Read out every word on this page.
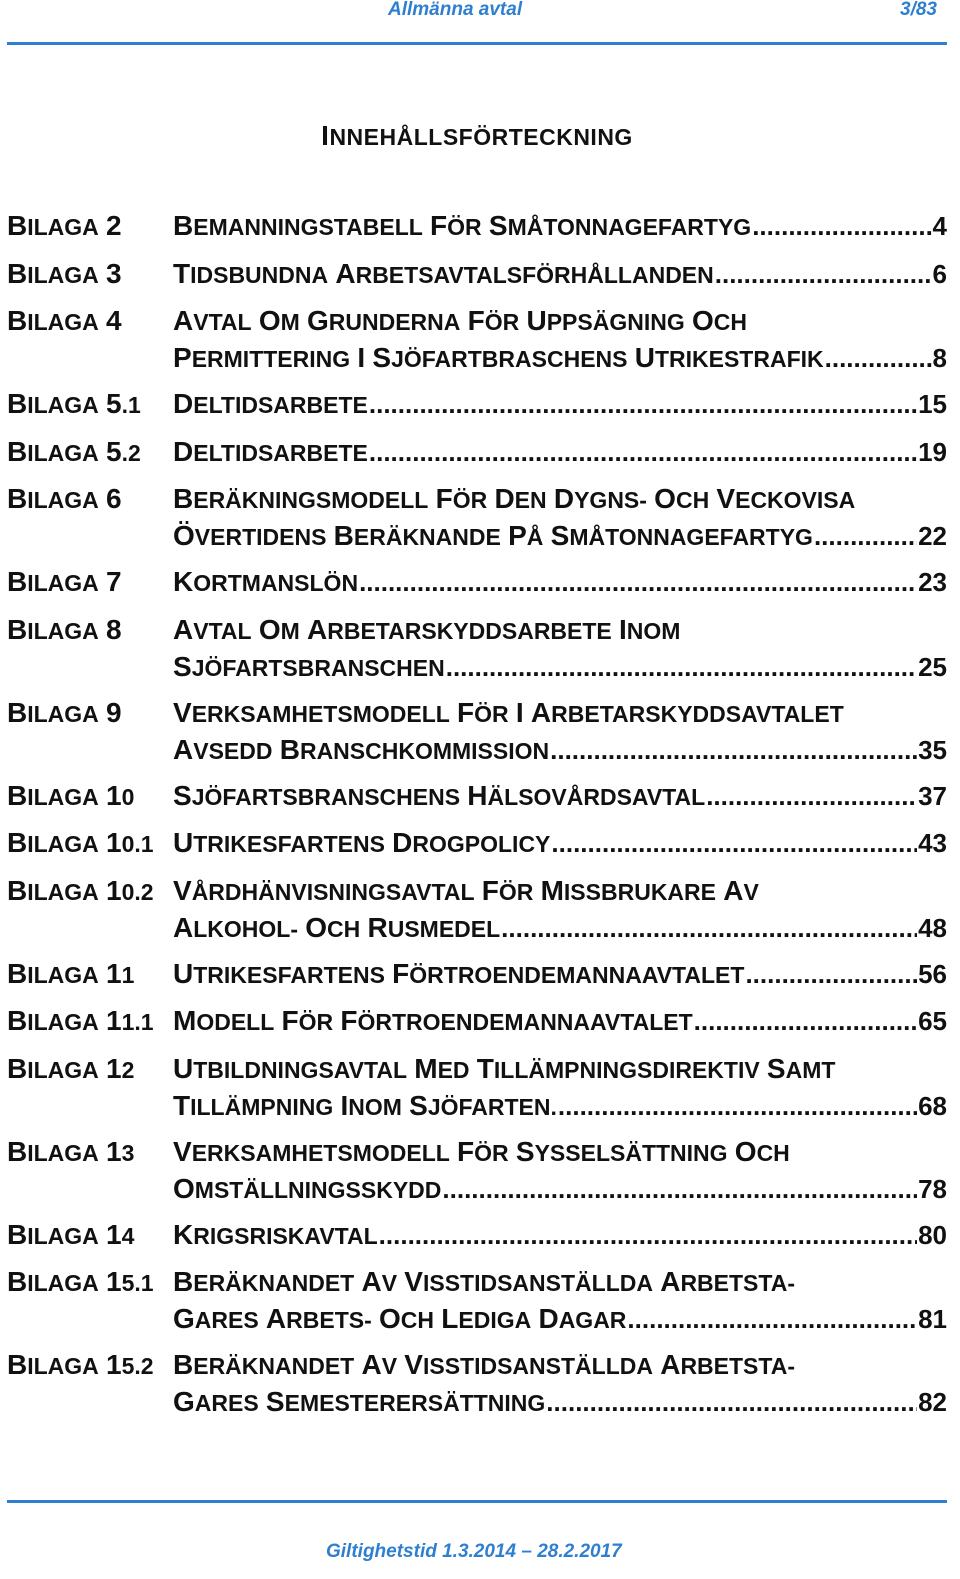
Allmänna avtal	3/83
INNEHÅLLSFÖRTECKNING
BILAGA 2 BEMANNINGSTABELL FÖR SMÅTONNAGEFARTYG .....	4
BILAGA 3 TIDSBUNDNA ARBETSAVTALSFÖRHÅLLANDEN .....	6
BILAGA 4 AVTAL OM GRUNDERNA FÖR UPPSÄGNING OCH
PERMITTERING I SJÖFARTBRASCHENS UTRIKESTRAFIK .....	8
BILAGA 5.1 DELTIDSARBETE .....	15
BILAGA 5.2 DELTIDSARBETE .....	19
BILAGA 6 BERÄKNINGSMODELL FÖR DEN DYGNS- OCH VECKOVISA
ÖVERTIDENS BERÄKNANDE PÅ SMÅTONNAGEFARTYG .....	22
BILAGA 7 KORTMANSLÖN .....	23
BILAGA 8 AVTAL OM ARBETARSKYDDSARBETE INOM
SJÖFARTSBRANSCHEN .....	25
BILAGA 9 VERKSAMHETSMODELL FÖR I ARBETARSKYDDSAVTALET
AVSEDD BRANSCHKOMMISSION .....	35
BILAGA 10 SJÖFARTSBRANSCHENS HÄLSOVÅRDSAVTAL .....	37
BILAGA 10.1 UTRIKESFARTENS DROGPOLICY .....	43
BILAGA 10.2 VÅRDHÄNVISNINGSAVTAL FÖR MISSBRUKARE AV
ALKOHOL- OCH RUSMEDEL .....	48
BILAGA 11 UTRIKESFARTENS FÖRTROENDEMANNAAVTALET .....	56
BILAGA 11.1 MODELL FÖR FÖRTROENDEMANNAAVTALET .....	65
BILAGA 12 UTBILDNINGSAVTAL MED TILLÄMPNINGSDIREKTIV SAMT
TILLÄMPNING INOM SJÖFARTEN. .....	68
BILAGA 13 VERKSAMHETSMODELL FÖR SYSSELSÄTTNING OCH
OMSTÄLLNINGSSKYDD .....	78
BILAGA 14 KRIGSRISKAVTAL .....	80
BILAGA 15.1 BERÄKNANDET AV VISSTIDSANSTÄLLDA ARBETSTA-
GARES ARBETS- OCH LEDIGA DAGAR .....	81
BILAGA 15.2 BERÄKNANDET AV VISSTIDSANSTÄLLDA ARBETSTA-
GARES SEMESTERERSÄTTNING .....	82
Giltighetstid 1.3.2014 – 28.2.2017
